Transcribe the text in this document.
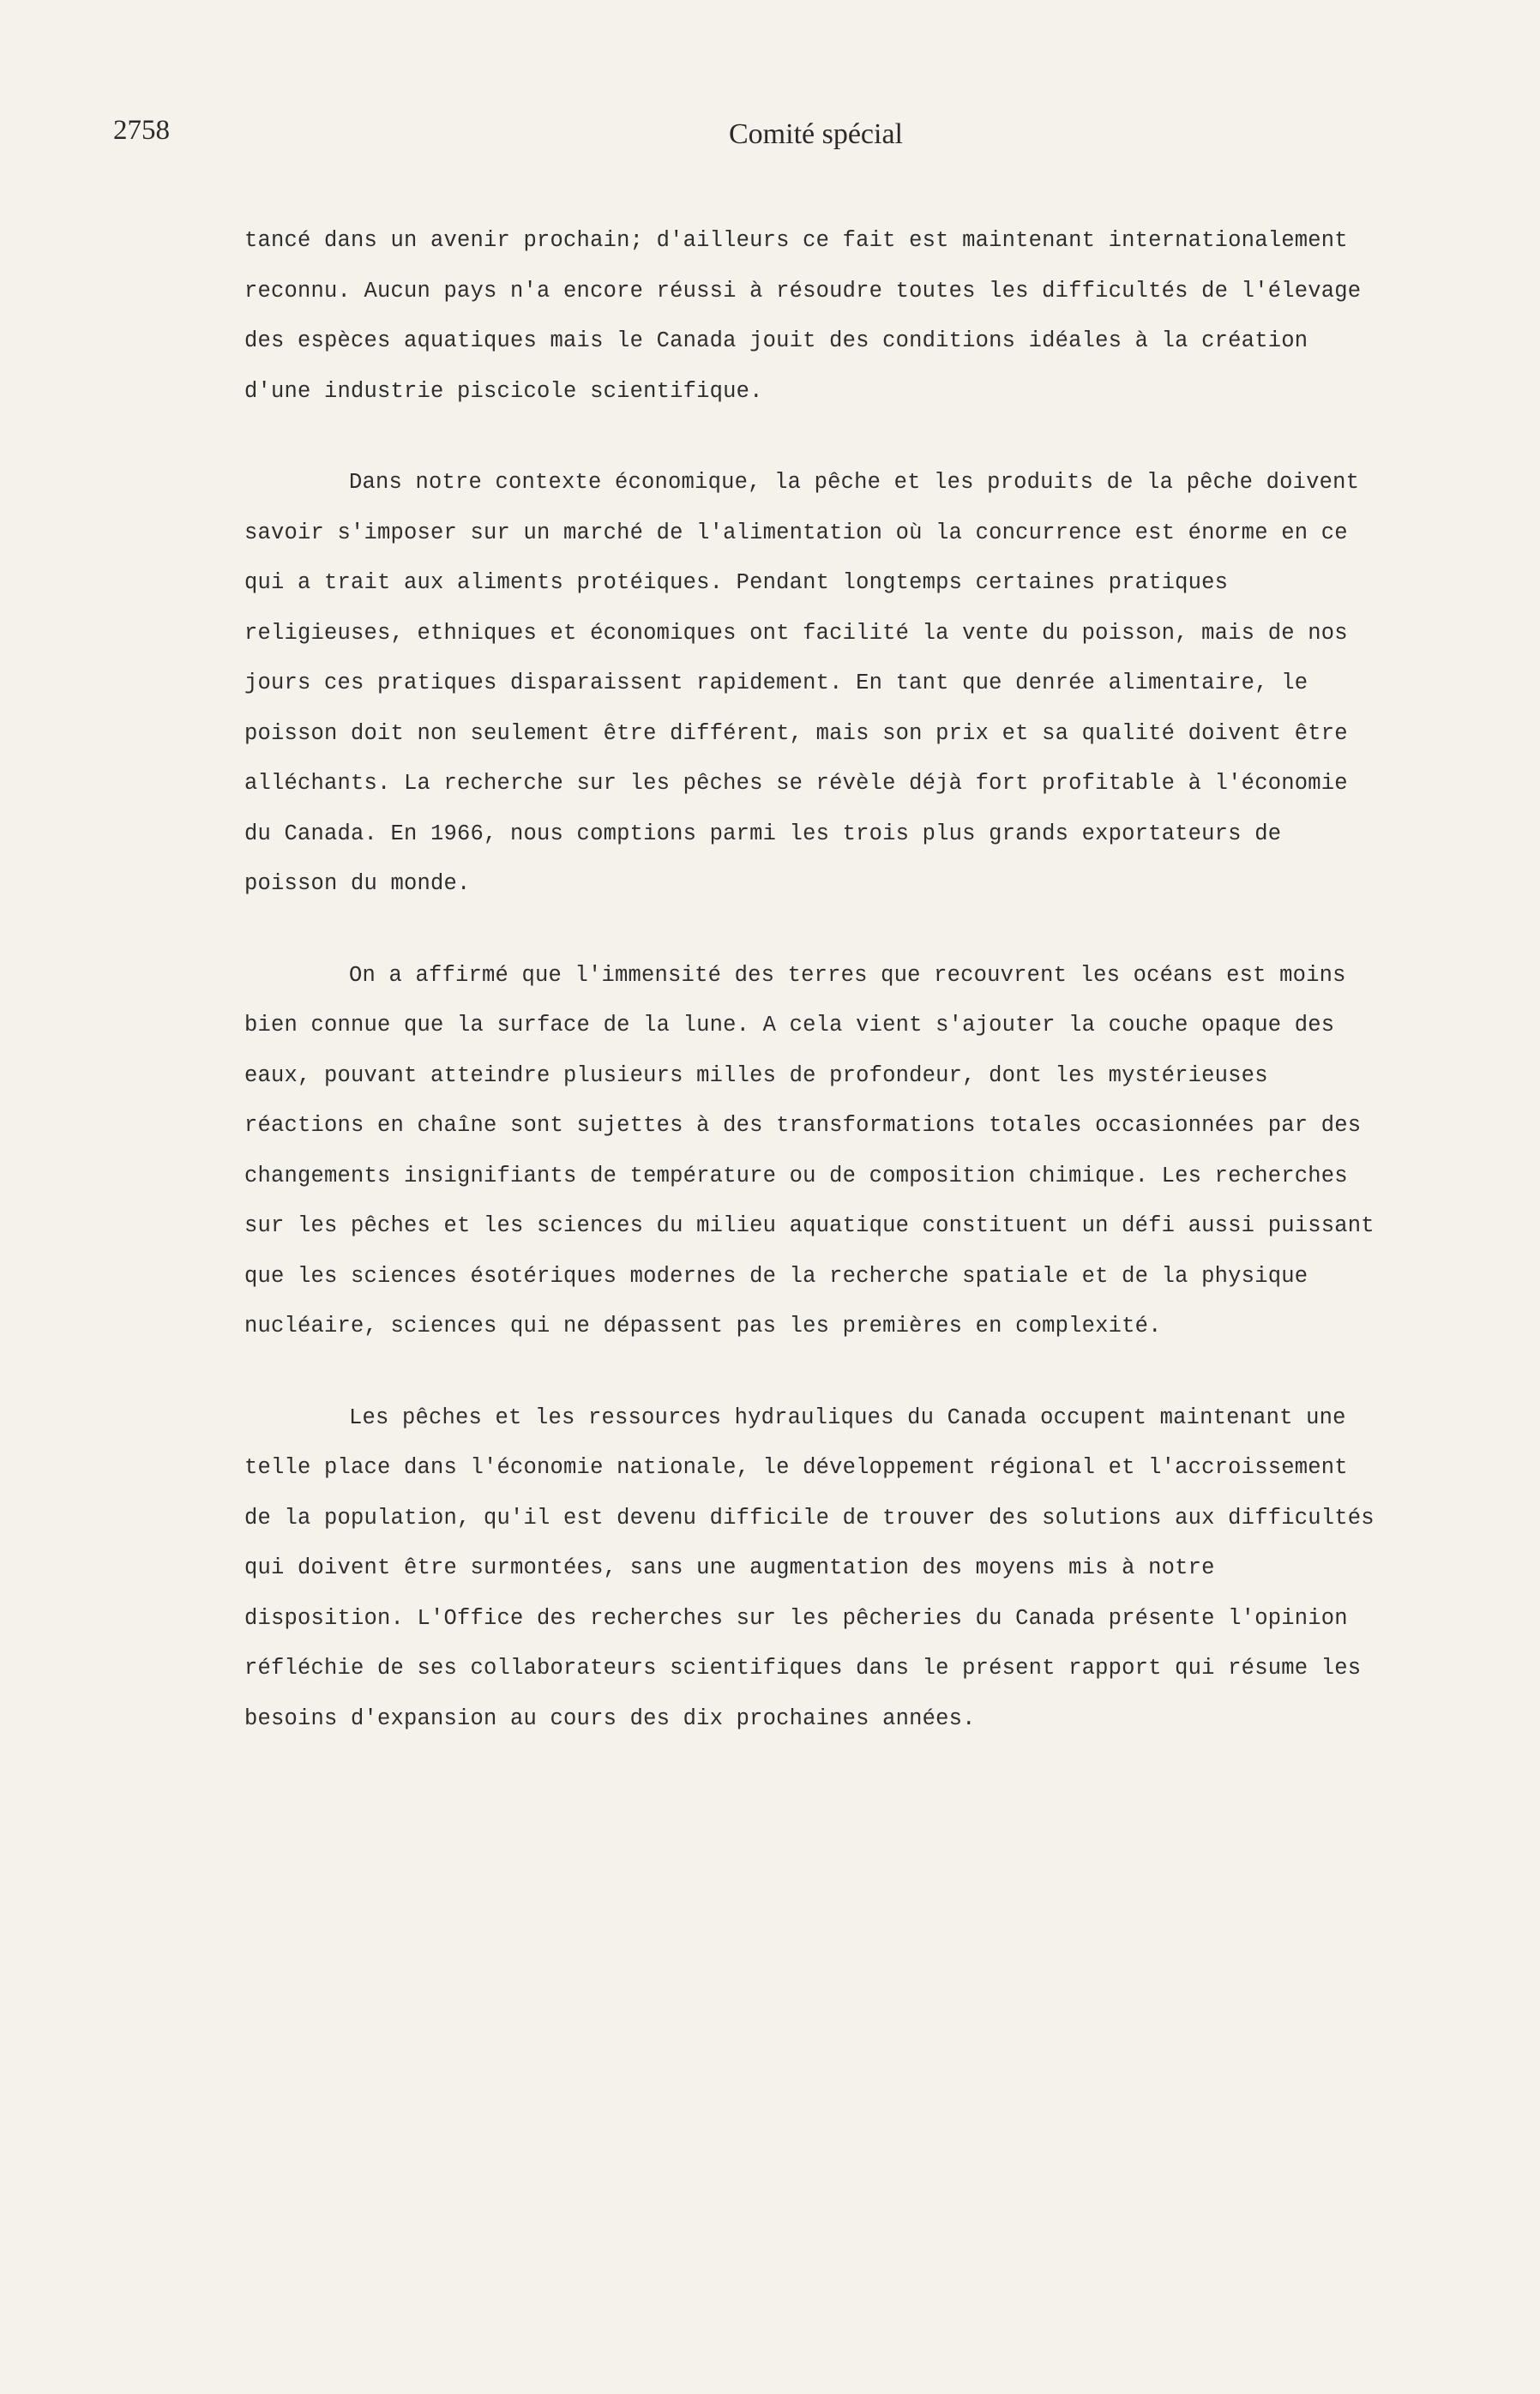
2758	Comité spécial

tancé dans un avenir prochain; d'ailleurs ce fait est maintenant internationalement reconnu. Aucun pays n'a encore réussi à résoudre toutes les difficultés de l'élevage des espèces aquatiques mais le Canada jouit des conditions idéales à la création d'une industrie piscicole scientifique.

Dans notre contexte économique, la pêche et les produits de la pêche doivent savoir s'imposer sur un marché de l'alimentation où la concurrence est énorme en ce qui a trait aux aliments protéiques. Pendant longtemps certaines pratiques religieuses, ethniques et économiques ont facilité la vente du poisson, mais de nos jours ces pratiques disparaissent rapidement. En tant que denrée alimentaire, le poisson doit non seulement être différent, mais son prix et sa qualité doivent être alléchants. La recherche sur les pêches se révèle déjà fort profitable à l'économie du Canada. En 1966, nous comptions parmi les trois plus grands exportateurs de poisson du monde.

On a affirmé que l'immensité des terres que recouvrent les océans est moins bien connue que la surface de la lune. A cela vient s'ajouter la couche opaque des eaux, pouvant atteindre plusieurs milles de profondeur, dont les mystérieuses réactions en chaîne sont sujettes à des transformations totales occasionnées par des changements insignifiants de température ou de composition chimique. Les recherches sur les pêches et les sciences du milieu aquatique constituent un défi aussi puissant que les sciences ésotériques modernes de la recherche spatiale et de la physique nucléaire, sciences qui ne dépassent pas les premières en complexité.

Les pêches et les ressources hydrauliques du Canada occupent maintenant une telle place dans l'économie nationale, le développement régional et l'accroissement de la population, qu'il est devenu difficile de trouver des solutions aux difficultés qui doivent être surmontées, sans une augmentation des moyens mis à notre disposition. L'Office des recherches sur les pêcheries du Canada présente l'opinion réfléchie de ses collaborateurs scientifiques dans le présent rapport qui résume les besoins d'expansion au cours des dix prochaines années.
